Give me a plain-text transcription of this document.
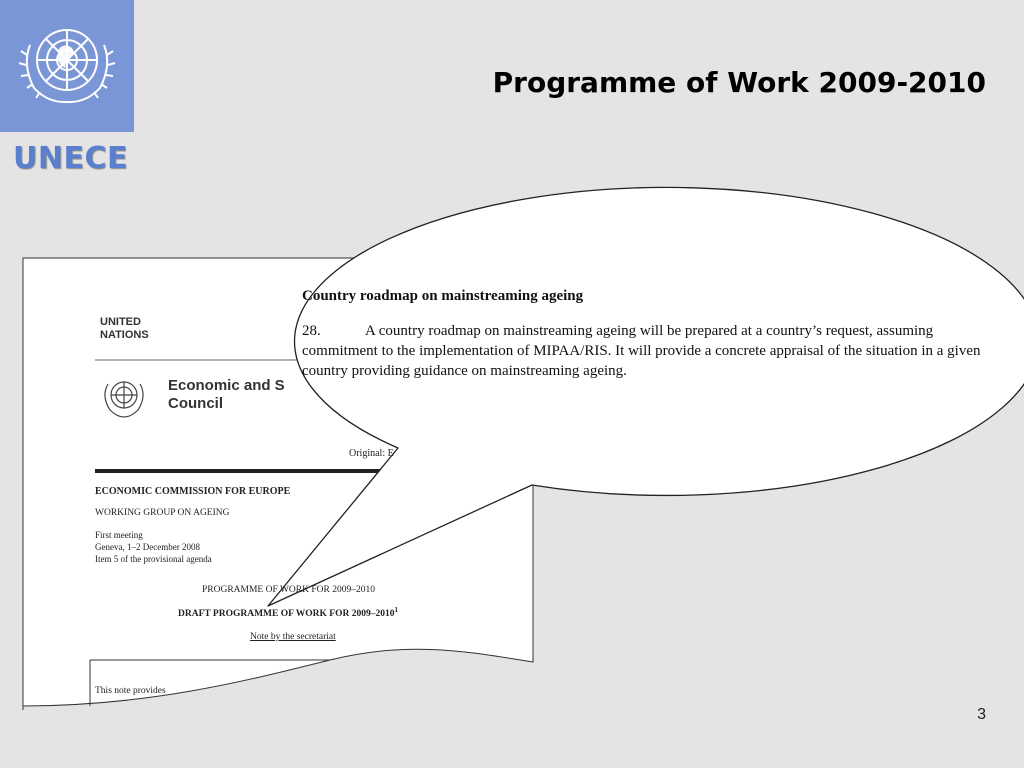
UNECE
Programme of Work 2009-2010
UNITED
NATIONS
Economic and S
Council
Original: E
ECONOMIC COMMISSION FOR EUROPE
WORKING GROUP ON AGEING
First meeting
Geneva, 1–2 December 2008
Item 5 of the provisional agenda
PROGRAMME OF WORK FOR 2009–2010
DRAFT PROGRAMME OF WORK FOR 2009–2010$^1$
Note by the secretariat
This note provides

Country roadmap on mainstreaming ageing

28.	A country roadmap on mainstreaming ageing will be prepared at a country’s request, assuming commitment to the implementation of MIPAA/RIS. It will provide a concrete appraisal of the situation in a given country providing guidance on mainstreaming ageing.

3
